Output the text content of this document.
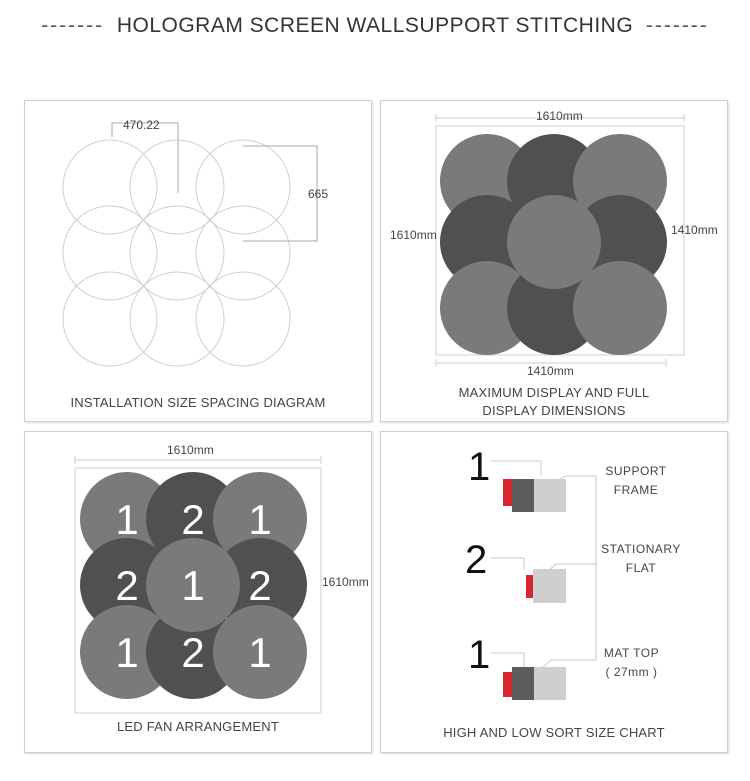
------- HOLOGRAM SCREEN WALLSUPPORT STITCHING -------
470.22
665
INSTALLATION SIZE SPACING DIAGRAM
1610mm
1610mm	1410mm
1410mm
MAXIMUM DISPLAY AND FULL
DISPLAY DIMENSIONS
1 2 1
2 1 2
1 2 1
1610mm
1610mm
LED FAN ARRANGEMENT
1	SUPPORT
FRAME
2	STATIONARY
FLAT
1	MAT TOP
( 27mm )
HIGH AND LOW SORT SIZE CHART
